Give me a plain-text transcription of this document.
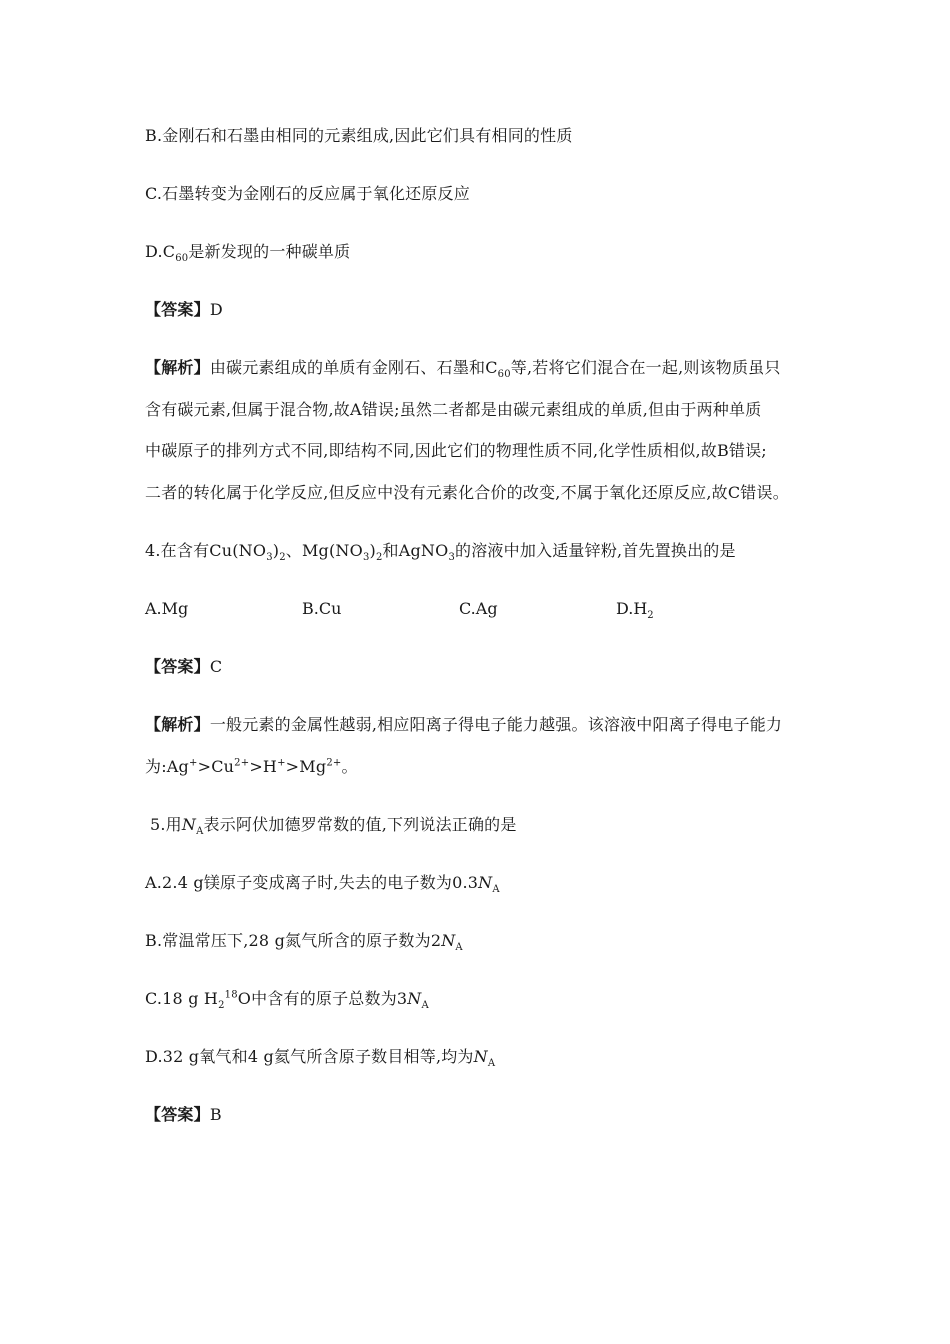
B.金刚石和石墨由相同的元素组成,因此它们具有相同的性质
C.石墨转变为金刚石的反应属于氧化还原反应
$D.C_{60}$是新发现的一种碳单质
【答案】D
【解析】由碳元素组成的单质有金刚石、石墨和$C_{60}$等,若将它们混合在一起,则该物质虽只
含有碳元素,但属于混合物,故A错误;虽然二者都是由碳元素组成的单质,但由于两种单质
中碳原子的排列方式不同,即结构不同,因此它们的物理性质不同,化学性质相似,故B错误;
二者的转化属于化学反应,但反应中没有元素化合价的改变,不属于氧化还原反应,故C错误。
4.在含有$Cu(NO_3)_2$、$Mg(NO_3)_2$和AgNO$_3$的溶液中加入适量锌粉,首先置换出的是
A.Mg	B.Cu	C.Ag	$D.H_2$
【答案】C
【解析】一般元素的金属性越弱,相应阳离子得电子能力越强。该溶液中阳离子得电子能力
为$:Ag^+>Cu^{2+}>H^+>Mg^{2+}$。
5.用$N_A$表示阿伏加德罗常数的值,下列说法正确的是
A.2.4 g镁原子变成离子时,失去的电子数为$0.3N_A$
B.常温常压下,28 g氮气所含的原子数为$2N_A$
C.18 g $H_2^{18}O$中含有的原子总数为$3N_A$
D.32 g氧气和4 g氦气所含原子数目相等,均为$N_A$
【答案】B
